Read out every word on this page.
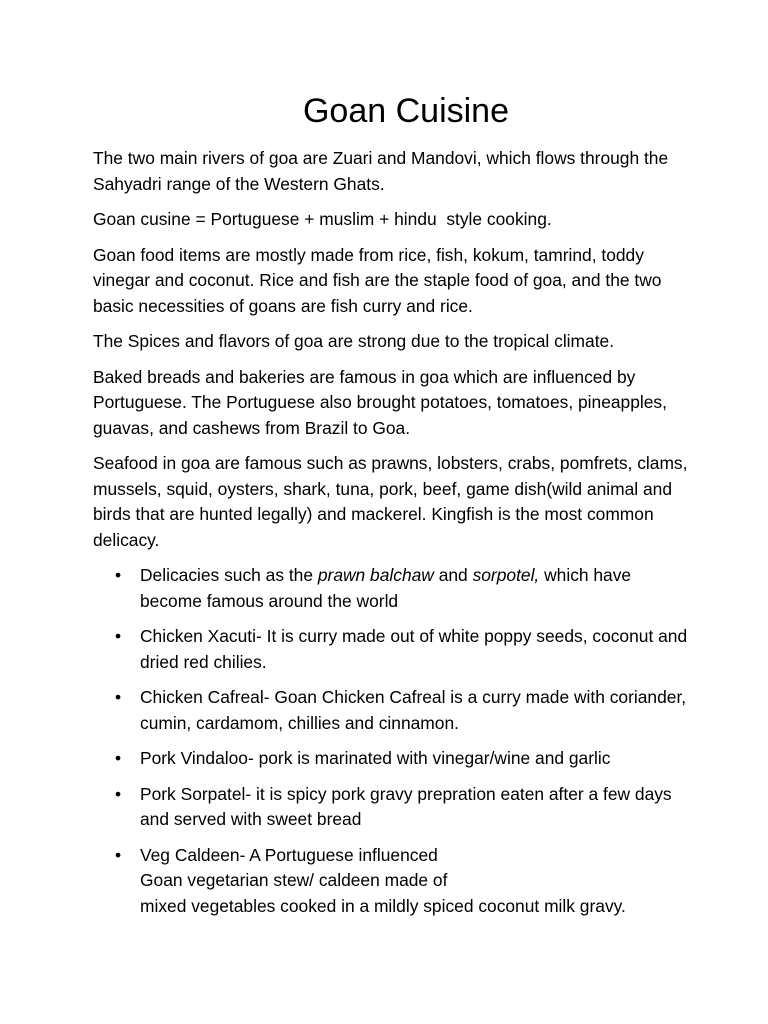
Goan Cuisine

The two main rivers of goa are Zuari and Mandovi, which flows through the Sahyadri range of the Western Ghats.

Goan cusine = Portuguese + muslim + hindu  style cooking.

Goan food items are mostly made from rice, fish, kokum, tamrind, toddy vinegar and coconut. Rice and fish are the staple food of goa, and the two basic necessities of goans are fish curry and rice.

The Spices and flavors of goa are strong due to the tropical climate.

Baked breads and bakeries are famous in goa which are influenced by Portuguese. The Portuguese also brought potatoes, tomatoes, pineapples, guavas, and cashews from Brazil to Goa.

Seafood in goa are famous such as prawns, lobsters, crabs, pomfrets, clams, mussels, squid, oysters, shark, tuna, pork, beef, game dish(wild animal and birds that are hunted legally) and mackerel. Kingfish is the most common delicacy.

• Delicacies such as the prawn balchaw and sorpotel, which have become famous around the world
• Chicken Xacuti- It is curry made out of white poppy seeds, coconut and dried red chilies.
• Chicken Cafreal- Goan Chicken Cafreal is a curry made with coriander, cumin, cardamom, chillies and cinnamon.
• Pork Vindaloo- pork is marinated with vinegar/wine and garlic
• Pork Sorpatel- it is spicy pork gravy prepration eaten after a few days and served with sweet bread
• Veg Caldeen- A Portuguese influenced
Goan vegetarian stew/ caldeen made of
mixed vegetables cooked in a mildly spiced coconut milk gravy.
